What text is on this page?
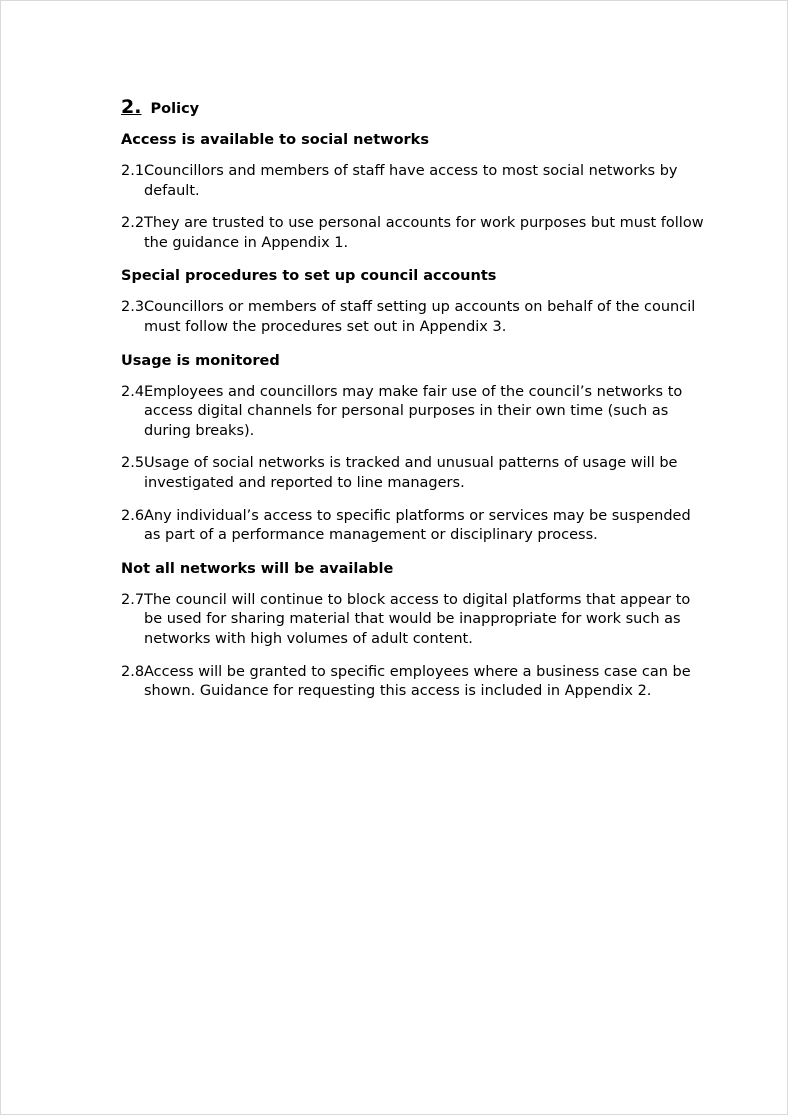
2. Policy
Access is available to social networks
2.1 Councillors and members of staff have access to most social networks by default.
2.2 They are trusted to use personal accounts for work purposes but must follow the guidance in Appendix 1.
Special procedures to set up council accounts
2.3 Councillors or members of staff setting up accounts on behalf of the council must follow the procedures set out in Appendix 3.
Usage is monitored
2.4 Employees and councillors may make fair use of the council’s networks to access digital channels for personal purposes in their own time (such as during breaks).
2.5 Usage of social networks is tracked and unusual patterns of usage will be investigated and reported to line managers.
2.6 Any individual’s access to specific platforms or services may be suspended as part of a performance management or disciplinary process.
Not all networks will be available
2.7 The council will continue to block access to digital platforms that appear to be used for sharing material that would be inappropriate for work such as networks with high volumes of adult content.
2.8 Access will be granted to specific employees where a business case can be shown. Guidance for requesting this access is included in Appendix 2.
